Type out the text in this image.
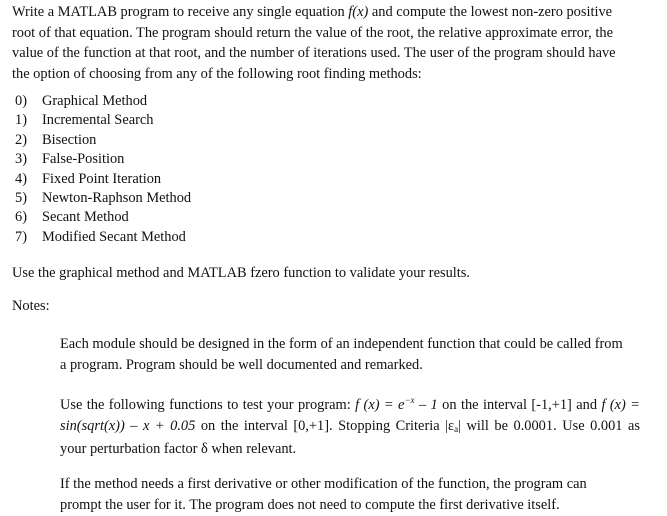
Write a MATLAB program to receive any single equation f(x) and compute the lowest non-zero positive
root of that equation. The program should return the value of the root, the relative approximate error, the
value of the function at that root, and the number of iterations used. The user of the program should have
the option of choosing from any of the following root finding methods:

0) Graphical Method
1) Incremental Search
2) Bisection
3) False-Position
4) Fixed Point Iteration
5) Newton-Raphson Method
6) Secant Method
7) Modified Secant Method

Use the graphical method and MATLAB fzero function to validate your results.

Notes:

Each module should be designed in the form of an independent function that could be called from
a program. Program should be well documented and remarked.

Use the following functions to test your program: f $(x) = e^{-x} - 1$ on the interval [-1,+1] and f (x) = sin(sqrt(x)) – x + 0.05 on the interval [0,+1]. Stopping Criteria $|\varepsilon_a|$ will be 0.0001. Use 0.001 as
your perturbation factor δ when relevant.

If the method needs a first derivative or other modification of the function, the program can
prompt the user for it. The program does not need to compute the first derivative itself.
